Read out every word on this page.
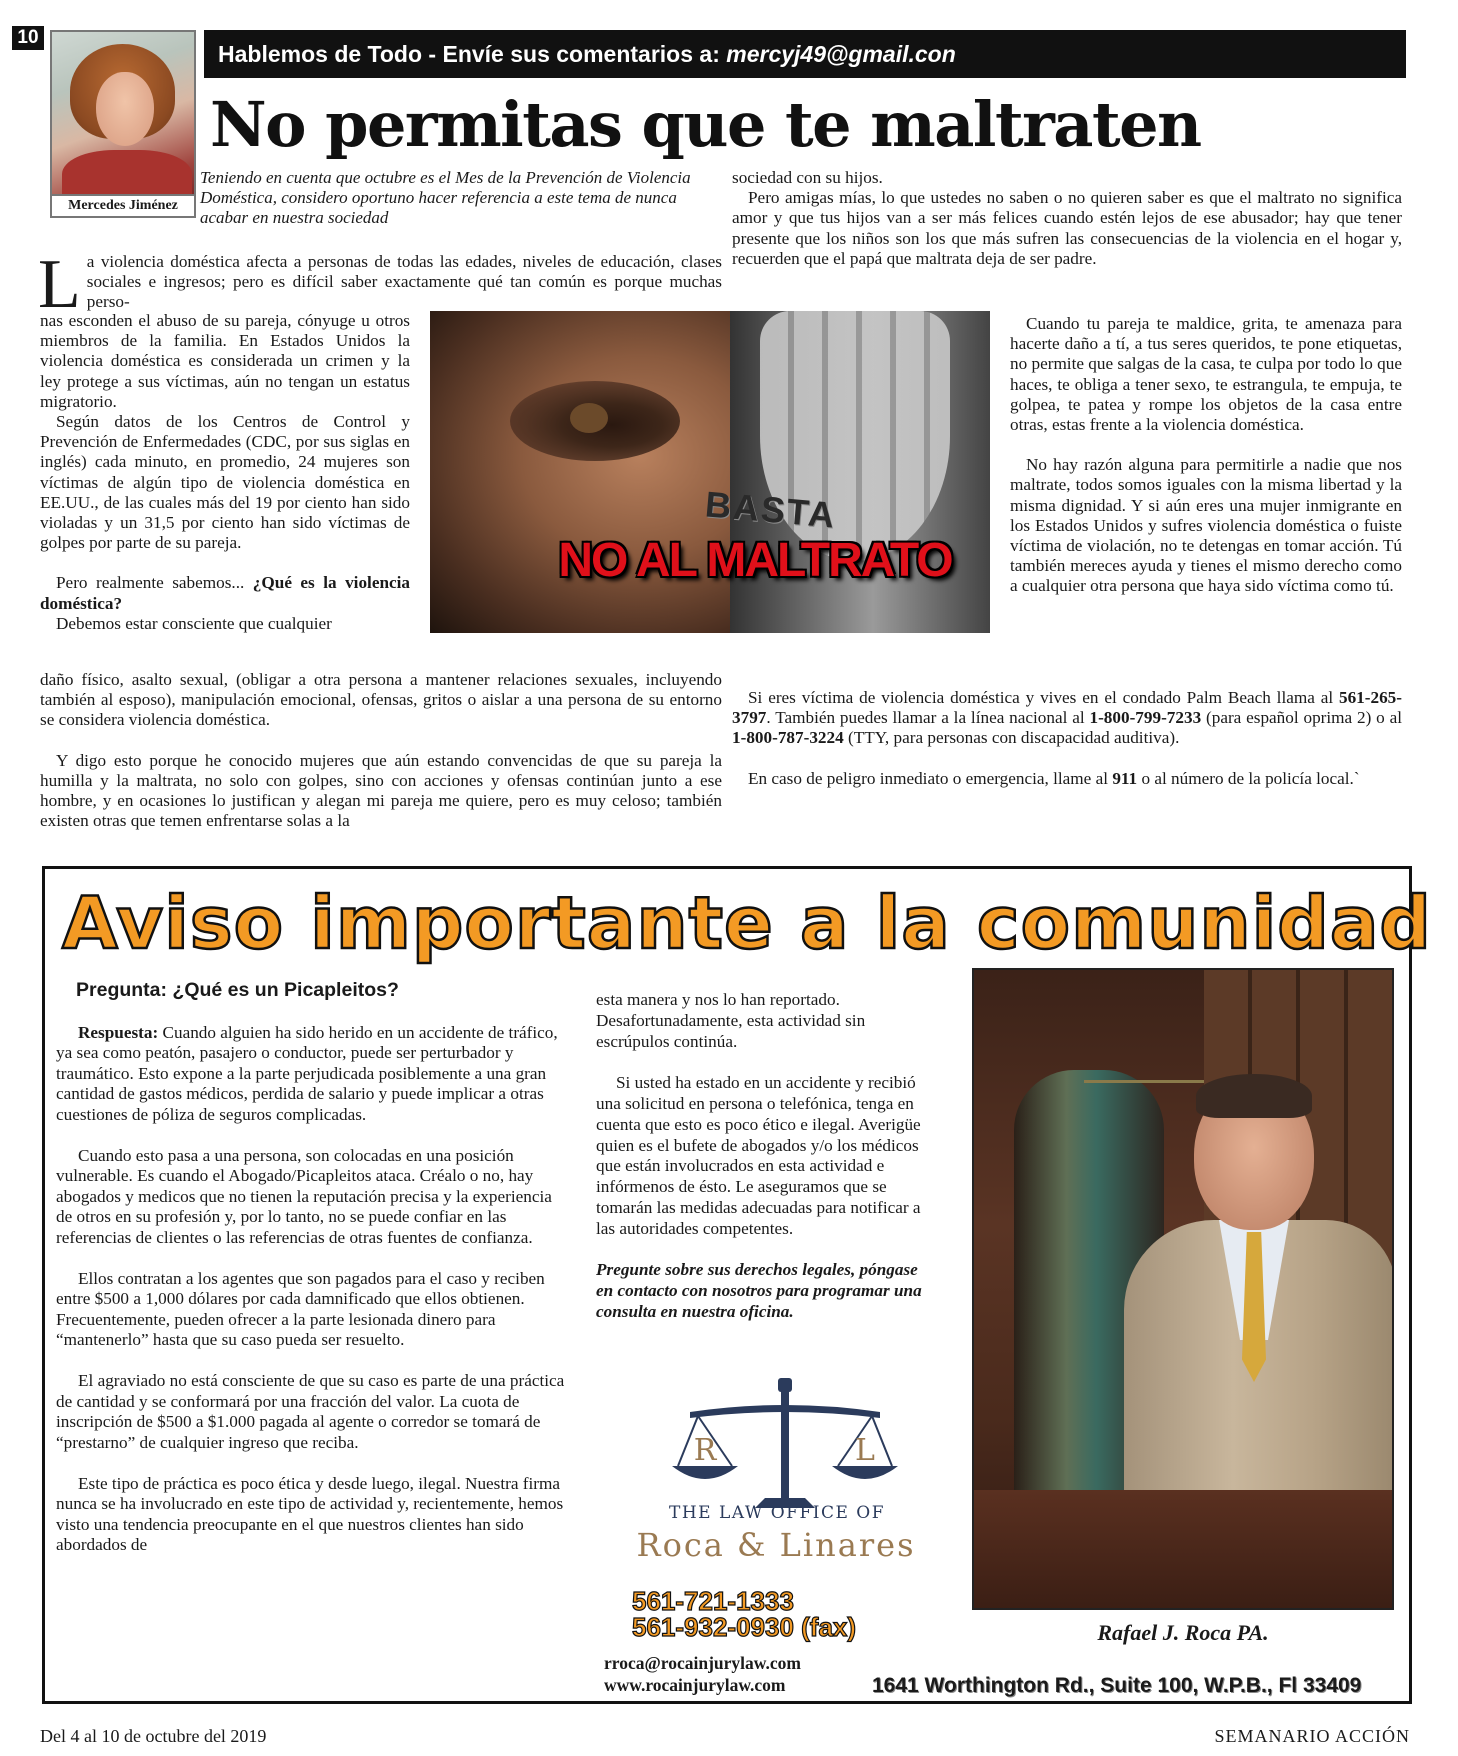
10
Mercedes Jiménez
Hablemos de Todo - Envíe sus comentarios a: mercyj49@gmail.con
No permitas que te maltraten
Teniendo en cuenta que octubre es el Mes de la Prevención de Violencia Doméstica, considero oportuno hacer referencia a este tema de nunca acabar en nuestra sociedad
La violencia doméstica afecta a personas de todas las edades, niveles de educación, clases sociales e ingresos; pero es difícil saber exactamente qué tan común es porque muchas perso-

nas esconden el abuso de su pareja, cónyuge u otros miembros de la familia. En Estados Unidos la violencia doméstica es considerada un crimen y la ley protege a sus víctimas, aún no tengan un estatus migratorio.

Según datos de los Centros de Control y Prevención de Enfermedades (CDC, por sus siglas en inglés) cada minuto, en promedio, 24 mujeres son víctimas de algún tipo de violencia doméstica en EE.UU., de las cuales más del 19 por ciento han sido violadas y un 31,5 por ciento han sido víctimas de golpes por parte de su pareja.

Pero realmente sabemos... ¿Qué es la violencia doméstica?

Debemos estar consciente que cualquier

daño físico, asalto sexual, (obligar a otra persona a mantener relaciones sexuales, incluyendo también al esposo), manipulación emocional, ofensas, gritos o aislar a una persona de su entorno se considera violencia doméstica.

Y digo esto porque he conocido mujeres que aún estando convencidas de que su pareja la humilla y la maltrata, no solo con golpes, sino con acciones y ofensas continúan junto a ese hombre, y en ocasiones lo justifican y alegan mi pareja me quiere, pero es muy celoso; también existen otras que temen enfrentarse solas a la

BASTA
NO AL MALTRATO

sociedad con su hijos.

Pero amigas mías, lo que ustedes no saben o no quieren saber es que el maltrato no significa amor y que tus hijos van a ser más felices cuando estén lejos de ese abusador; hay que tener presente que los niños son los que más sufren las consecuencias de la violencia en el hogar y, recuerden que el papá que maltrata deja de ser padre.

Cuando tu pareja te maldice, grita, te amenaza para hacerte daño a tí, a tus seres queridos, te pone etiquetas, no permite que salgas de la casa, te culpa por todo lo que haces, te obliga a tener sexo, te estrangula, te empuja, te golpea, te patea y rompe los objetos de la casa entre otras, estas frente a la violencia doméstica.

No hay razón alguna para permitirle a nadie que nos maltrate, todos somos iguales con la misma libertad y la misma dignidad. Y si aún eres una mujer inmigrante en los Estados Unidos y sufres violencia doméstica o fuiste víctima de violación, no te detengas en tomar acción. Tú también mereces ayuda y tienes el mismo derecho como a cualquier otra persona que haya sido víctima como tú.

Si eres víctima de violencia doméstica y vives en el condado Palm Beach llama al 561-265-3797. También puedes llamar a la línea nacional al 1-800-799-7233 (para español oprima 2) o al 1-800-787-3224 (TTY, para personas con discapacidad auditiva).

En caso de peligro inmediato o emergencia, llame al 911 o al número de la policía local.`

Aviso importante a la comunidad
Pregunta: ¿Qué es un Picapleitos?

Respuesta: Cuando alguien ha sido herido en un accidente de tráfico, ya sea como peatón, pasajero o conductor, puede ser perturbador y traumático. Esto expone a la parte perjudicada posiblemente a una gran cantidad de gastos médicos, perdida de salario y puede implicar a otras cuestiones de póliza de seguros complicadas.

Cuando esto pasa a una persona, son colocadas en una posición vulnerable. Es cuando el Abogado/Picapleitos ataca. Créalo o no, hay abogados y medicos que no tienen la reputación precisa y la experiencia de otros en su profesión y, por lo tanto, no se puede confiar en las referencias de clientes o las referencias de otras fuentes de confianza.

Ellos contratan a los agentes que son pagados para el caso y reciben entre $500 a 1,000 dólares por cada damnificado que ellos obtienen. Frecuentemente, pueden ofrecer a la parte lesionada dinero para “mantenerlo” hasta que su caso pueda ser resuelto.

El agraviado no está consciente de que su caso es parte de una práctica de cantidad y se conformará por una fracción del valor. La cuota de inscripción de $500 a $1.000 pagada al agente o corredor se tomará de “prestarno” de cualquier ingreso que reciba.

Este tipo de práctica es poco ética y desde luego, ilegal. Nuestra firma nunca se ha involucrado en este tipo de actividad y, recientemente, hemos visto una tendencia preocupante en el que nuestros clientes han sido abordados de

esta manera y nos lo han reportado. Desafortunadamente, esta actividad sin escrúpulos continúa.

Si usted ha estado en un accidente y recibió una solicitud en persona o telefónica, tenga en cuenta que esto es poco ético e ilegal. Averigüe quien es el bufete de abogados y/o los médicos que están involucrados en esta actividad e infórmenos de ésto. Le aseguramos que se tomarán las medidas adecuadas para notificar a las autoridades competentes.

Pregunte sobre sus derechos legales, póngase en contacto con nosotros para programar una consulta en nuestra oficina.

R	L
THE LAW OFFICE OF
Roca & Linares
561-721-1333
561-932-0930 (fax)
rroca@rocainjurylaw.com
www.rocainjurylaw.com
Rafael J. Roca PA.
1641 Worthington Rd., Suite 100, W.P.B., Fl 33409
Del 4 al 10 de octubre del 2019	SEMANARIO ACCIÓN
